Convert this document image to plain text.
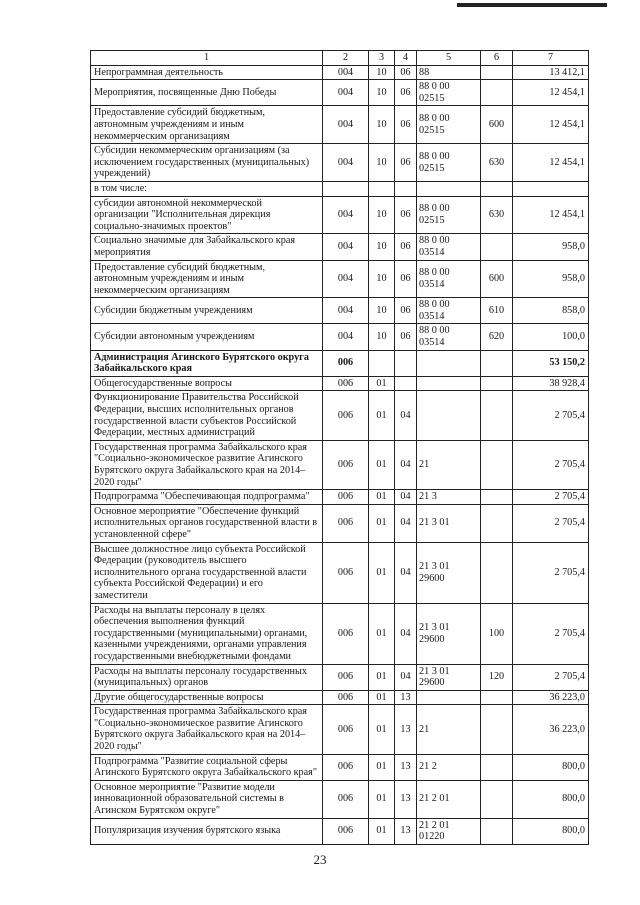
1	2	3	4	5	6	7
Непрограммная деятельность	004	10	06	88		13 412,1
Мероприятия, посвященные Дню Победы	004	10	06	88 0 00 02515		12 454,1
Предоставление субсидий бюджетным, автономным учреждениям и иным некоммерческим организациям	004	10	06	88 0 00 02515	600	12 454,1
Субсидии некоммерческим организациям (за исключением государственных (муниципальных) учреждений)	004	10	06	88 0 00 02515	630	12 454,1
в том числе:						
субсидии автономной некоммерческой организации "Исполнительная дирекция социально-значимых проектов"	004	10	06	88 0 00 02515	630	12 454,1
Социально значимые для Забайкальского края мероприятия	004	10	06	88 0 00 03514		958,0
Предоставление субсидий бюджетным, автономным учреждениям и иным некоммерческим организациям	004	10	06	88 0 00 03514	600	958,0
Субсидии бюджетным учреждениям	004	10	06	88 0 00 03514	610	858,0
Субсидии автономным учреждениям	004	10	06	88 0 00 03514	620	100,0
Администрация Агинского Бурятского округа Забайкальского края	006					53 150,2
Общегосударственные вопросы	006	01				38 928,4
Функционирование Правительства Российской Федерации, высших исполнительных органов государственной власти субъектов Российской Федерации, местных администраций	006	01	04			2 705,4
Государственная программа Забайкальского края "Социально-экономическое развитие Агинского Бурятского округа Забайкальского края на 2014–2020 годы"	006	01	04	21		2 705,4
Подпрограмма "Обеспечивающая подпрограмма"	006	01	04	21 3		2 705,4
Основное мероприятие "Обеспечение функций исполнительных органов государственной власти в установленной сфере"	006	01	04	21 3 01		2 705,4
Высшее должностное лицо субъекта Российской Федерации (руководитель высшего исполнительного органа государственной власти субъекта Российской Федерации) и его заместители	006	01	04	21 3 01 29600		2 705,4
Расходы на выплаты персоналу в целях обеспечения выполнения функций государственными (муниципальными) органами, казенными учреждениями, органами управления государственными внебюджетными фондами	006	01	04	21 3 01 29600	100	2 705,4
Расходы на выплаты персоналу государственных (муниципальных) органов	006	01	04	21 3 01 29600	120	2 705,4
Другие общегосударственные вопросы	006	01	13			36 223,0
Государственная программа Забайкальского края "Социально-экономическое развитие Агинского Бурятского округа Забайкальского края на 2014–2020 годы"	006	01	13	21		36 223,0
Подпрограмма "Развитие социальной сферы Агинского Бурятского округа Забайкальского края"	006	01	13	21 2		800,0
Основное мероприятие "Развитие модели инновационной образовательной системы в Агинском Бурятском округе"	006	01	13	21 2 01		800,0
Популяризация изучения бурятского языка	006	01	13	21 2 01 01220		800,0
23
